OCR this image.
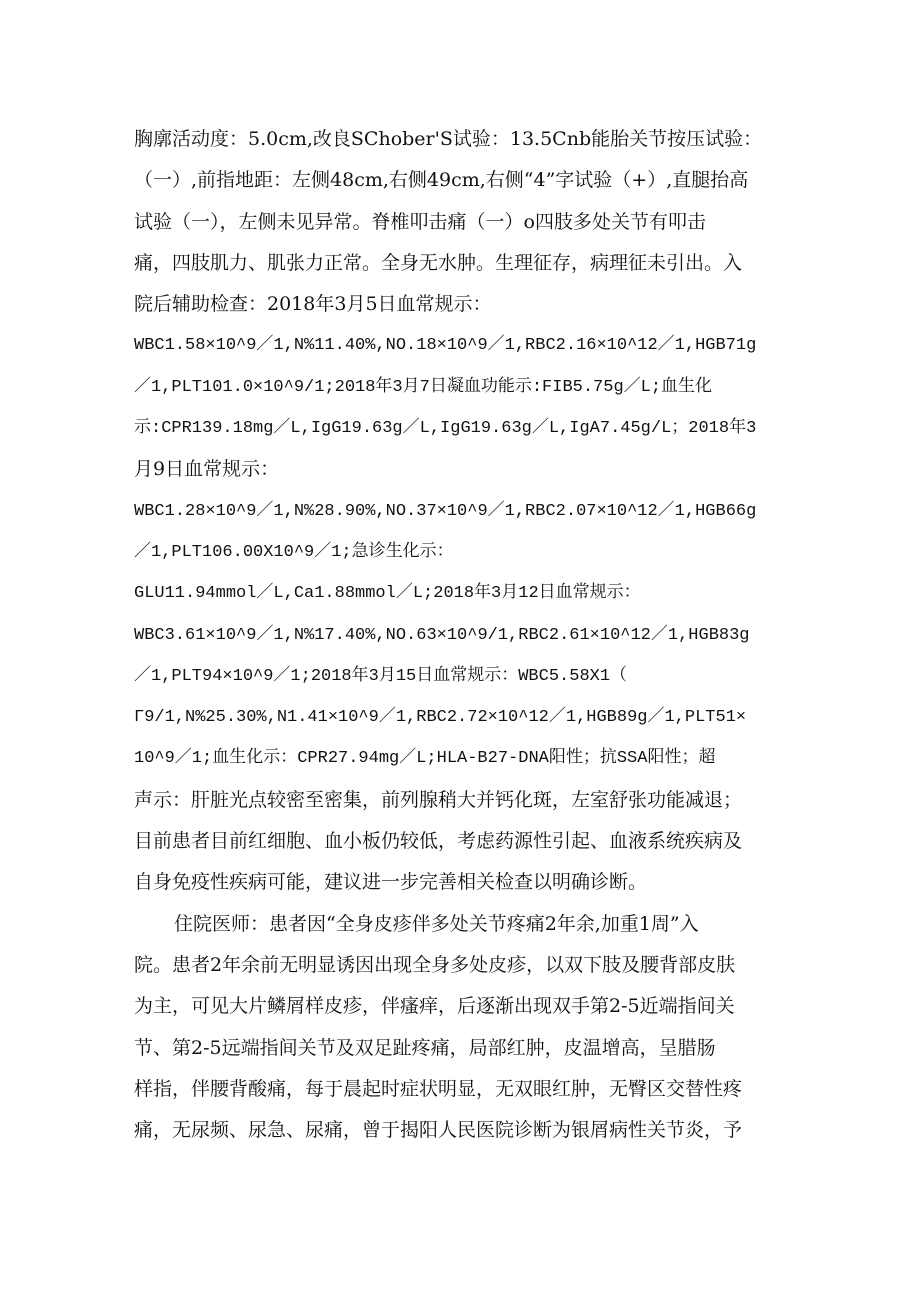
胸廓活动度：5.0cm,改良SChober'S试验：13.5Cnb能胎关节按压试验：
（一）,前指地距：左侧48cm,右侧49cm,右侧“4”字试验（+）,直腿抬高
试验（一），左侧未见异常。脊椎叩击痛（一）o四肢多处关节有叩击
痛，四肢肌力、肌张力正常。全身无水肿。生理征存，病理征未引出。入
院后辅助检查：2018年3月5日血常规示：
WBC1.58×10^9／1,N%11.40%,NO.18×10^9／1,RBC2.16×10^12／1,HGB71g
／1,PLT101.0×10^9/1;2018年3月7日凝血功能示:FIB5.75g／L;血生化
示:CPR139.18mg／L,IgG19.63g／L,IgG19.63g／L,IgA7.45g/L；2018年3
月9日血常规示：
WBC1.28×10^9／1,N%28.90%,NO.37×10^9／1,RBC2.07×10^12／1,HGB66g
／1,PLT106.00X10^9／1;急诊生化示：
GLU11.94mmol／L,Ca1.88mmol／L;2018年3月12日血常规示：
WBC3.61×10^9／1,N%17.40%,NO.63×10^9/1,RBC2.61×10^12／1,HGB83g
／1,PLT94×10^9／1;2018年3月15日血常规示：WBC5.58X1（
Γ9/1,N%25.30%,N1.41×10^9／1,RBC2.72×10^12／1,HGB89g／1,PLT51×
10^9／1;血生化示：CPR27.94mg／L;HLA-B27-DNA阳性；抗SSA阳性；超
声示：肝脏光点较密至密集，前列腺稍大并钙化斑，左室舒张功能减退；
目前患者目前红细胞、血小板仍较低，考虑药源性引起、血液系统疾病及
自身免疫性疾病可能，建议进一步完善相关检查以明确诊断。
住院医师：患者因“全身皮疹伴多处关节疼痛2年余,加重1周”入
院。患者2年余前无明显诱因出现全身多处皮疹，以双下肢及腰背部皮肤
为主，可见大片鳞屑样皮疹，伴瘙痒，后逐渐出现双手第2-5近端指间关
节、第2-5远端指间关节及双足趾疼痛，局部红肿，皮温增高，呈腊肠
样指，伴腰背酸痛，每于晨起时症状明显，无双眼红肿，无臀区交替性疼
痛，无尿频、尿急、尿痛，曾于揭阳人民医院诊断为银屑病性关节炎，予
